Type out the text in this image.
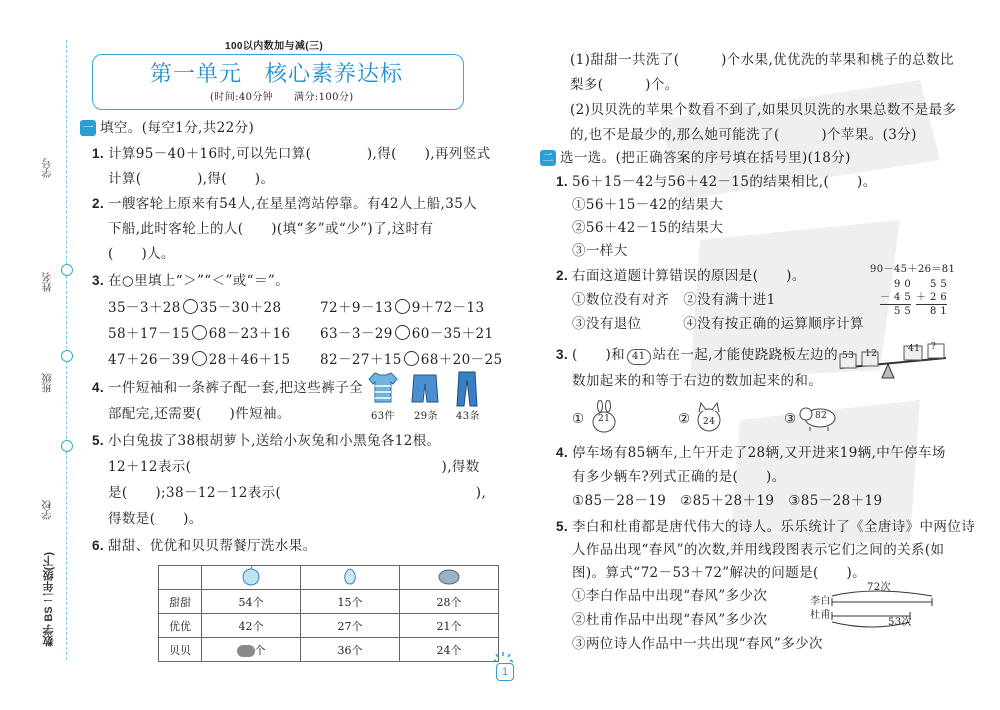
学号
姓名
班级
学校
数学 BS 二年级(下)
100以内数加与减(三)
第一单元　核心素养达标
(时间:40分钟　　满分:100分)
一 填空。(每空1分,共22分)
1. 计算95－40＋16时,可以先口算(　　　　),得(　　),再列竖式
计算(　　　　),得(　　)。
2. 一艘客轮上原来有54人,在星星湾站停靠。有42人上船,35人
下船,此时客轮上的人(　　)(填“多”或“少”)了,这时有
(　　)人。
3. 在○里填上“＞”“＜”或“＝”。
35－3＋28 35－30＋28
58＋17－15 68－23＋16
47＋26－39 28＋46＋15
72＋9－13 9＋72－13
63－3－29 60－35＋21
82－27＋15 68＋20－25
4. 一件短袖和一条裤子配一套,把这些裤子全
部配完,还需要(　　)件短袖。	63件 29条 43条
5. 小白兔拔了38根胡萝卜,送给小灰兔和小黑兔各12根。
12＋12表示(　　　　　　　　　　　　　　　　　　),得数
是(　　);38－12－12表示(　　　　　　　　　　　　　　),
得数是(　　)。
6. 甜甜、优优和贝贝帮餐厅洗水果。

甜甜	54个	15个	28个
优优	42个	27个	21个
贝贝	个	36个	24个
(1)甜甜一共洗了(　　　)个水果,优优洗的苹果和桃子的总数比
梨多(　　　)个。
(2)贝贝洗的苹果个数看不到了,如果贝贝洗的水果总数不是最多
的,也不是最少的,那么她可能洗了(　　　)个苹果。(3分)
二 选一选。(把正确答案的序号填在括号里)(18分)
1. 56＋15－42与56＋42－15的结果相比,(　　)。
①56＋15－42的结果大
②56＋42－15的结果大
③一样大
2. 右面这道题计算错误的原因是(　　)。
①数位没有对齐　②没有满十进1
③没有退位　　　④没有按正确的运算顺序计算
90－45＋26＝81
9 0
－ 4 5
5 5
5 5
＋ 2 6
8 1
3. (　　)和 41 站在一起,才能使跷跷板左边的
数加起来的和等于右边的数加起来的和。
53 12	41 ?
① 21	② 24	③ 82
4. 停车场有85辆车,上午开走了28辆,又开进来19辆,中午停车场
有多少辆车?列式正确的是(　　)。
①85－28－19　②85＋28＋19　③85－28＋19
5. 李白和杜甫都是唐代伟大的诗人。乐乐统计了《全唐诗》中两位诗
人作品出现“春风”的次数,并用线段图表示它们之间的关系(如
图)。算式“72－53＋72”解决的问题是(　　)。
①李白作品中出现“春风”多少次
②杜甫作品中出现“春风”多少次
③两位诗人作品中一共出现“春风”多少次
72次
53次
李白
杜甫
1
